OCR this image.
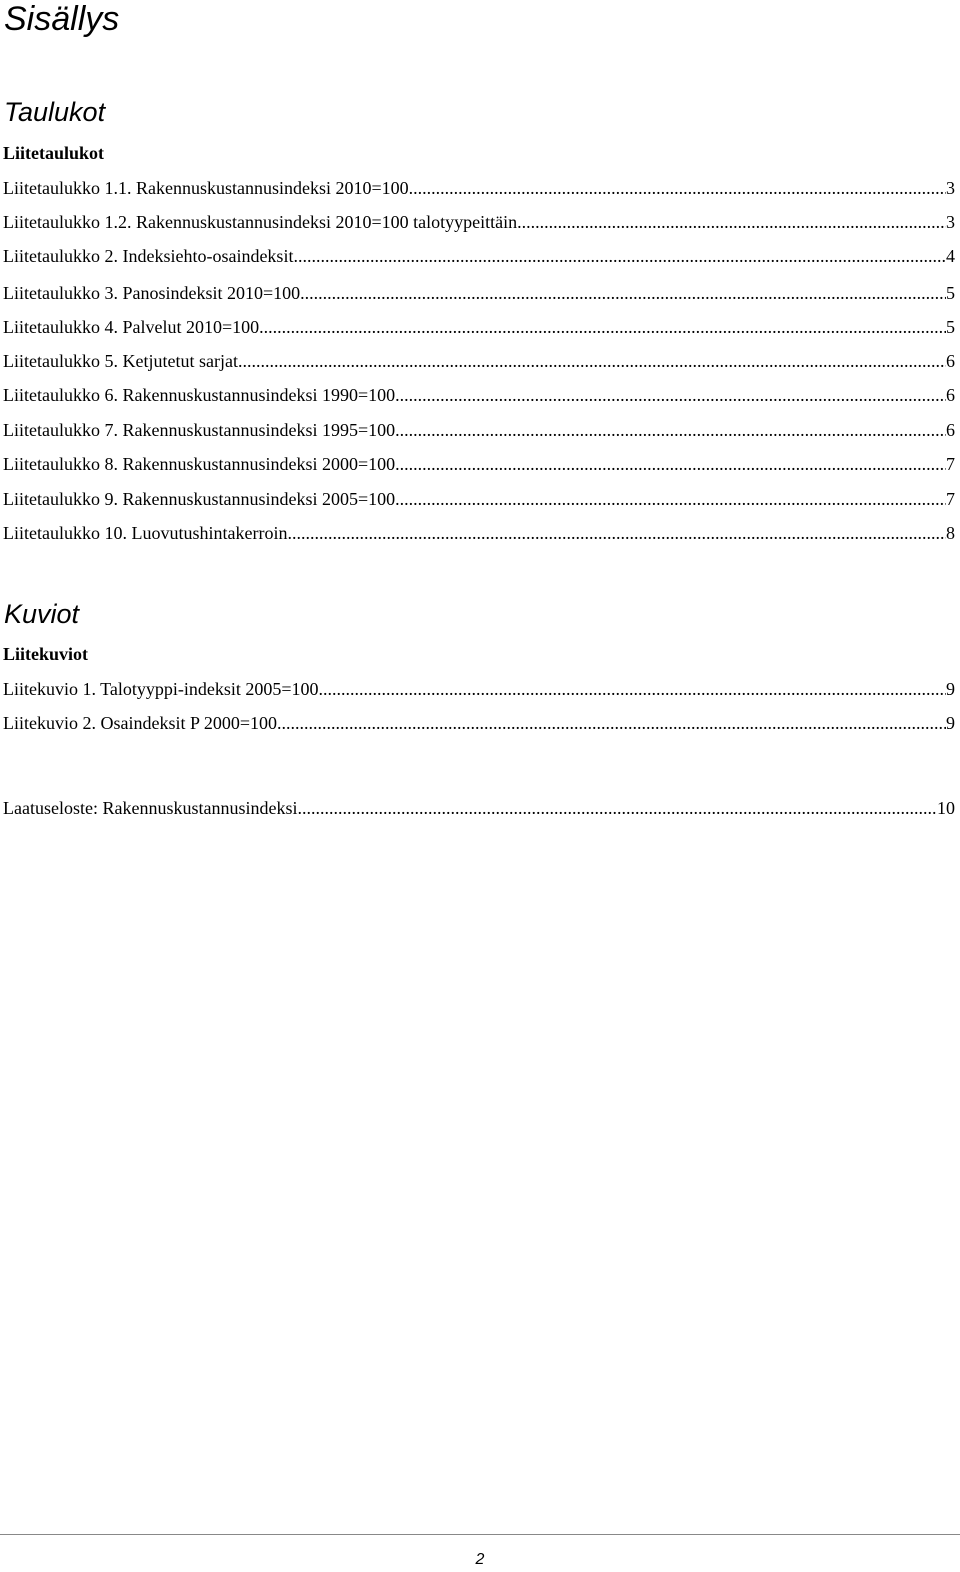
Sisällys
Taulukot
Liitetaulukot
Liitetaulukko 1.1. Rakennuskustannusindeksi 2010=100 .....	3
Liitetaulukko 1.2. Rakennuskustannusindeksi 2010=100 talotyypeittäin .....	3
Liitetaulukko 2. Indeksiehto-osaindeksit .....	4
Liitetaulukko 3. Panosindeksit 2010=100 .....	5
Liitetaulukko 4. Palvelut 2010=100 .....	5
Liitetaulukko 5. Ketjutetut sarjat .....	6
Liitetaulukko 6. Rakennuskustannusindeksi 1990=100 .....	6
Liitetaulukko 7. Rakennuskustannusindeksi 1995=100 .....	6
Liitetaulukko 8. Rakennuskustannusindeksi 2000=100 .....	7
Liitetaulukko 9. Rakennuskustannusindeksi 2005=100 .....	7
Liitetaulukko 10. Luovutushintakerroin .....	8
Kuviot
Liitekuviot
Liitekuvio 1. Talotyyppi-indeksit 2005=100 .....	9
Liitekuvio 2. Osaindeksit P 2000=100 .....	9
Laatuseloste: Rakennuskustannusindeksi .....	10
2
